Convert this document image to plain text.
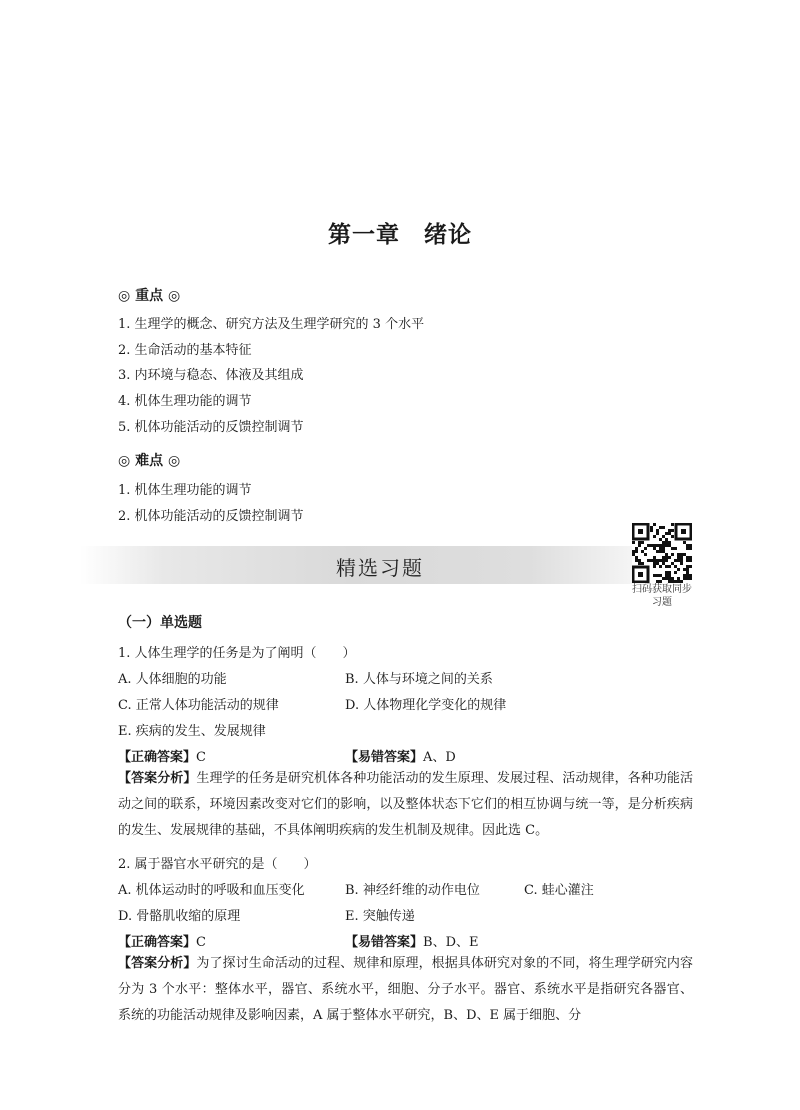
第一章　绪论
◎ 重点 ◎
1. 生理学的概念、研究方法及生理学研究的 3 个水平
2. 生命活动的基本特征
3. 内环境与稳态、体液及其组成
4. 机体生理功能的调节
5. 机体功能活动的反馈控制调节
◎ 难点 ◎
1. 机体生理功能的调节
2. 机体功能活动的反馈控制调节
精选习题
扫码获取同步习题
（一）单选题
1. 人体生理学的任务是为了阐明（　　）
A. 人体细胞的功能	B. 人体与环境之间的关系
C. 正常人体功能活动的规律	D. 人体物理化学变化的规律
E. 疾病的发生、发展规律
【正确答案】C	【易错答案】A、D
【答案分析】生理学的任务是研究机体各种功能活动的发生原理、发展过程、活动规律，各种功能活动之间的联系，环境因素改变对它们的影响，以及整体状态下它们的相互协调与统一等，是分析疾病的发生、发展规律的基础，不具体阐明疾病的发生机制及规律。因此选 C。
2. 属于器官水平研究的是（　　）
A. 机体运动时的呼吸和血压变化	B. 神经纤维的动作电位	C. 蛙心灌注
D. 骨骼肌收缩的原理	E. 突触传递
【正确答案】C	【易错答案】B、D、E
【答案分析】为了探讨生命活动的过程、规律和原理，根据具体研究对象的不同，将生理学研究内容分为 3 个水平：整体水平，器官、系统水平，细胞、分子水平。器官、系统水平是指研究各器官、系统的功能活动规律及影响因素，A 属于整体水平研究，B、D、E 属于细胞、分
